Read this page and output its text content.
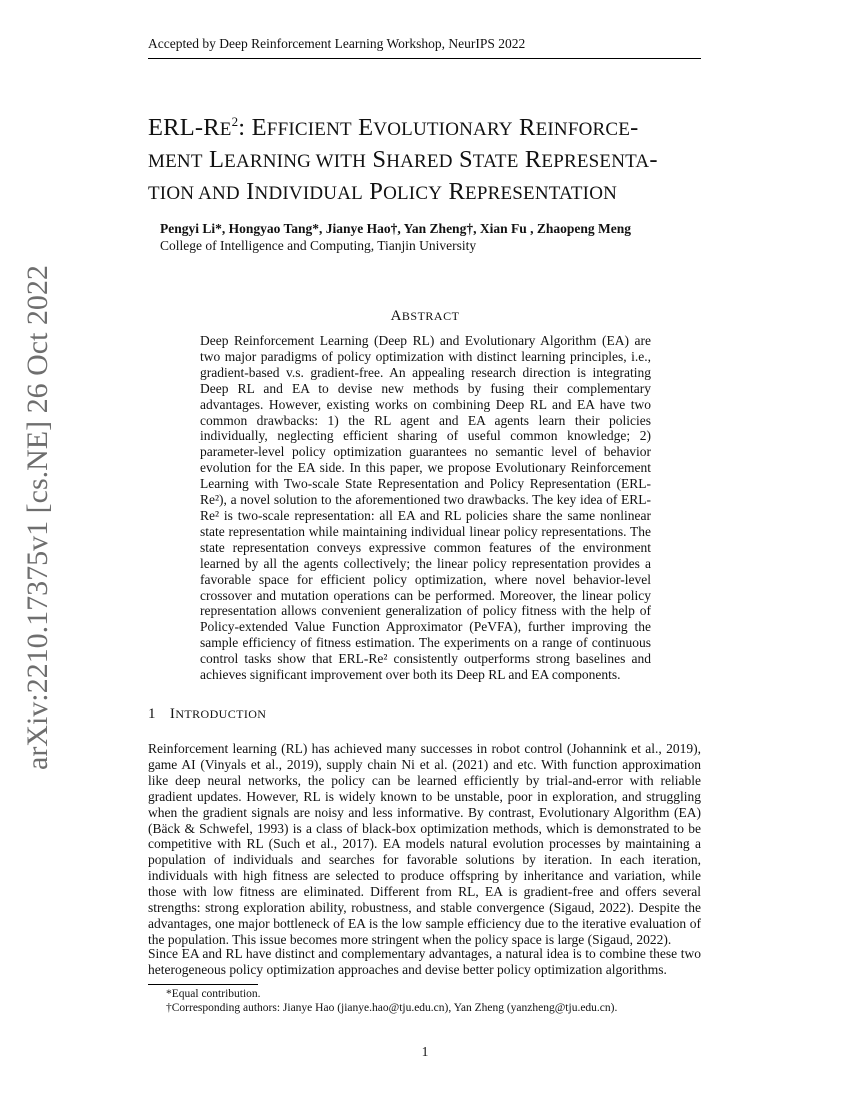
Accepted by Deep Reinforcement Learning Workshop, NeurIPS 2022
arXiv:2210.17375v1 [cs.NE] 26 Oct 2022
ERL-$RE^2$: EFFICIENT EVOLUTIONARY REINFORCE-
MENT LEARNING WITH SHARED STATE REPRESENTA-
TION AND INDIVIDUAL POLICY REPRESENTATION
Pengyi Li*, Hongyao Tang*, Jianye Hao†, Yan Zheng†, Xian Fu , Zhaopeng Meng
College of Intelligence and Computing, Tianjin University
ABSTRACT
Deep Reinforcement Learning (Deep RL) and Evolutionary Algorithm (EA) are two major paradigms of policy optimization with distinct learning principles, i.e., gradient-based v.s. gradient-free. An appealing research direction is integrating Deep RL and EA to devise new methods by fusing their complementary advantages. However, existing works on combining Deep RL and EA have two common drawbacks: 1) the RL agent and EA agents learn their policies individually, neglecting efficient sharing of useful common knowledge; 2) parameter-level policy optimization guarantees no semantic level of behavior evolution for the EA side. In this paper, we propose Evolutionary Reinforcement Learning with Two-scale State Representation and Policy Representation (ERL-Re²), a novel solution to the aforementioned two drawbacks. The key idea of ERL-Re² is two-scale representation: all EA and RL policies share the same nonlinear state representation while maintaining individual linear policy representations. The state representation conveys expressive common features of the environment learned by all the agents collectively; the linear policy representation provides a favorable space for efficient policy optimization, where novel behavior-level crossover and mutation operations can be performed. Moreover, the linear policy representation allows convenient generalization of policy fitness with the help of Policy-extended Value Function Approximator (PeVFA), further improving the sample efficiency of fitness estimation. The experiments on a range of continuous control tasks show that ERL-Re² consistently outperforms strong baselines and achieves significant improvement over both its Deep RL and EA components.
1 INTRODUCTION
Reinforcement learning (RL) has achieved many successes in robot control (Johannink et al., 2019), game AI (Vinyals et al., 2019), supply chain Ni et al. (2021) and etc. With function approximation like deep neural networks, the policy can be learned efficiently by trial-and-error with reliable gradient updates. However, RL is widely known to be unstable, poor in exploration, and struggling when the gradient signals are noisy and less informative. By contrast, Evolutionary Algorithm (EA) (Bäck & Schwefel, 1993) is a class of black-box optimization methods, which is demonstrated to be competitive with RL (Such et al., 2017). EA models natural evolution processes by maintaining a population of individuals and searches for favorable solutions by iteration. In each iteration, individuals with high fitness are selected to produce offspring by inheritance and variation, while those with low fitness are eliminated. Different from RL, EA is gradient-free and offers several strengths: strong exploration ability, robustness, and stable convergence (Sigaud, 2022). Despite the advantages, one major bottleneck of EA is the low sample efficiency due to the iterative evaluation of the population. This issue becomes more stringent when the policy space is large (Sigaud, 2022).
Since EA and RL have distinct and complementary advantages, a natural idea is to combine these two heterogeneous policy optimization approaches and devise better policy optimization algorithms.
*Equal contribution.
†Corresponding authors: Jianye Hao (jianye.hao@tju.edu.cn), Yan Zheng (yanzheng@tju.edu.cn).
1
